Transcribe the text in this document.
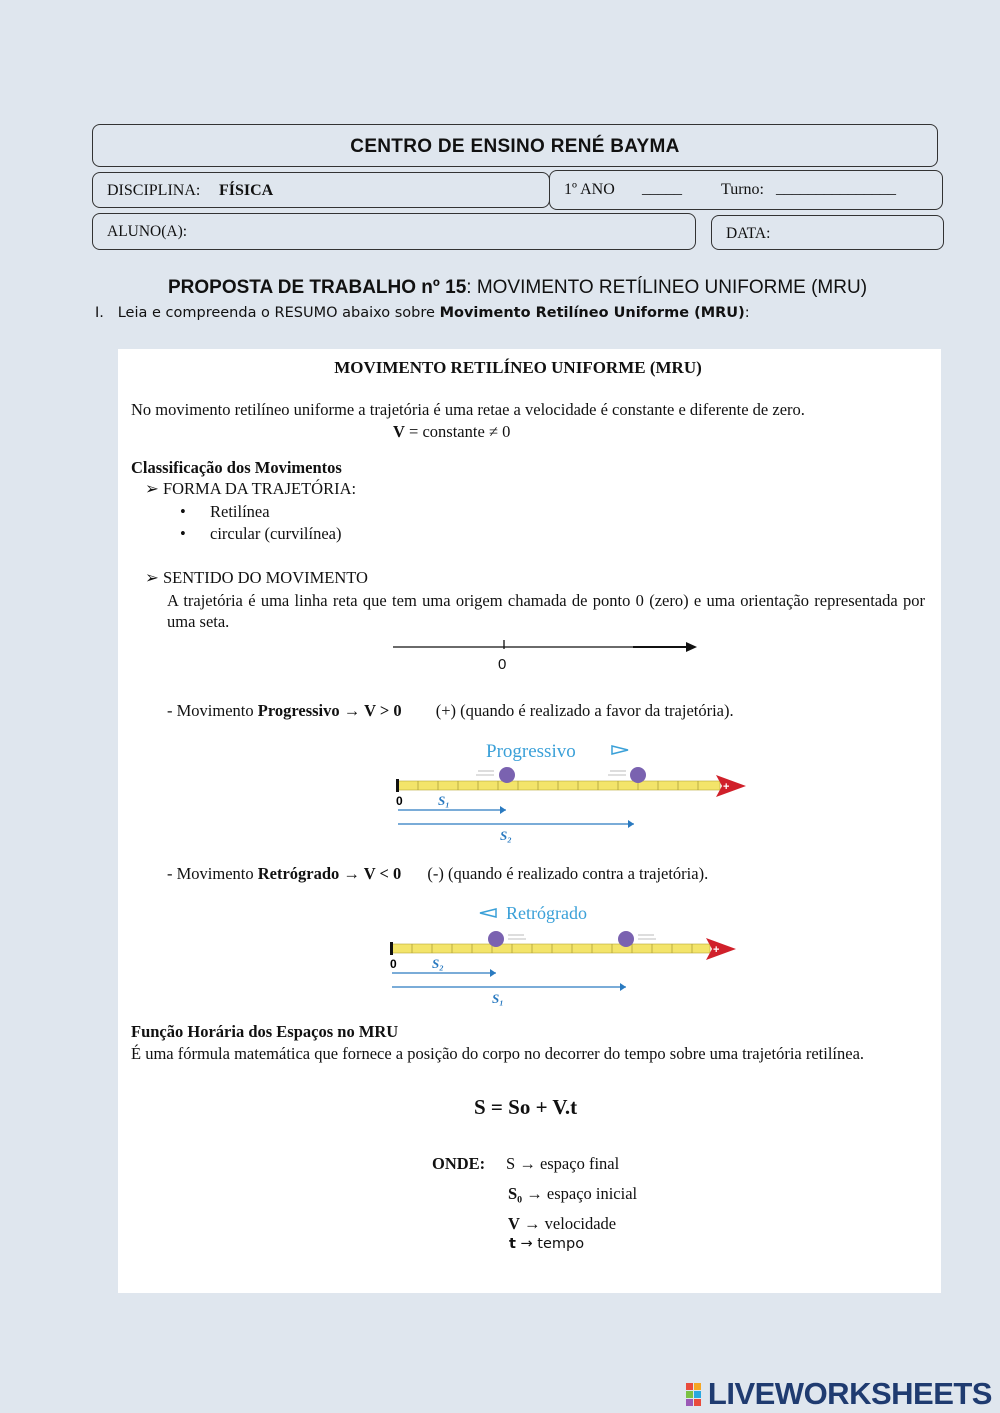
CENTRO DE ENSINO RENÉ BAYMA
DISCIPLINA: FÍSICA	1º ANO _____ Turno: _______________
ALUNO(A):	DATA:
PROPOSTA DE TRABALHO nº 15: MOVIMENTO RETÍLINEO UNIFORME (MRU)
I. Leia e compreenda o RESUMO abaixo sobre Movimento Retilíneo Uniforme (MRU):
MOVIMENTO RETILÍNEO UNIFORME (MRU)
No movimento retilíneo uniforme a trajetória é uma retae a velocidade é constante e diferente de zero.
V = constante ≠ 0
Classificação dos Movimentos
➢ FORMA DA TRAJETÓRIA:
• Retilínea
• circular (curvilínea)
➢ SENTIDO DO MOVIMENTO
A trajetória é uma linha reta que tem uma origem chamada de ponto 0 (zero) e uma orientação representada por uma seta.
0
- Movimento Progressivo → V > 0 (+) (quando é realizado a favor da trajetória).
Progressivo
+
0	S₁
S₂
- Movimento Retrógrado → V < 0 (-) (quando é realizado contra a trajetória).
Retrógrado
+
0	S₂
S₁
Função Horária dos Espaços no MRU
É uma fórmula matemática que fornece a posição do corpo no decorrer do tempo sobre uma trajetória retilínea.
S = So + V.t
ONDE: S → espaço final
S₀ → espaço inicial
V → velocidade
t → tempo
LIVEWORKSHEETS
